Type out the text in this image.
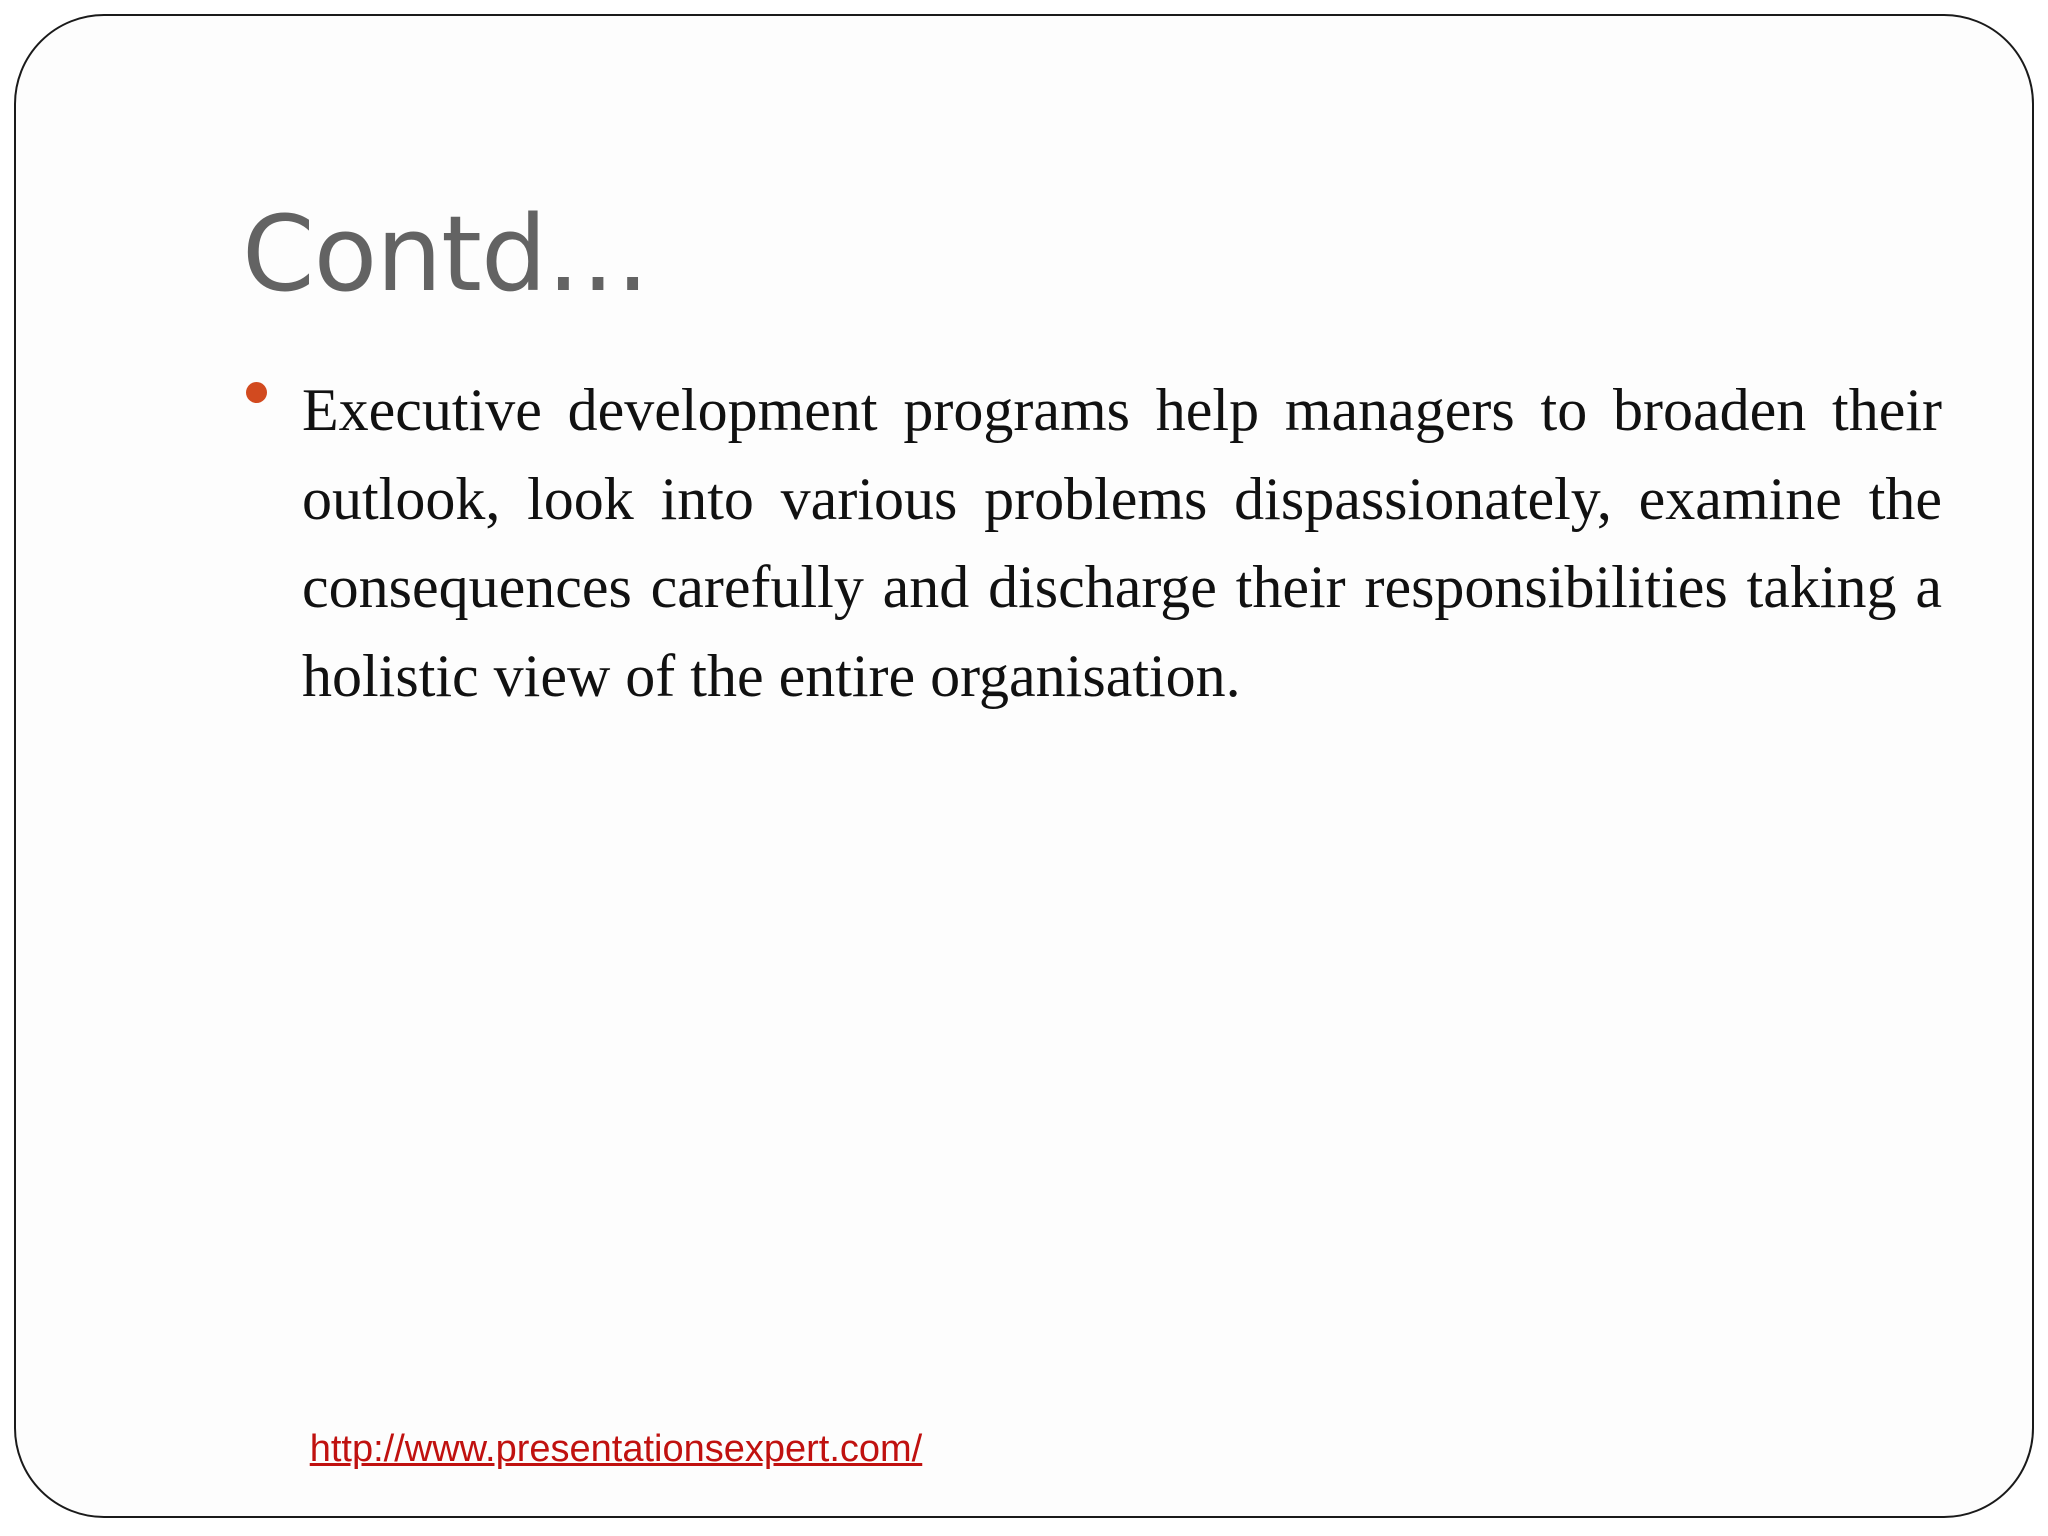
Contd…

Executive development programs help managers to broaden their outlook, look into various problems dispassionately, examine the consequences carefully and discharge their responsibilities taking a holistic view of the entire organisation.

http://www.presentationsexpert.com/
